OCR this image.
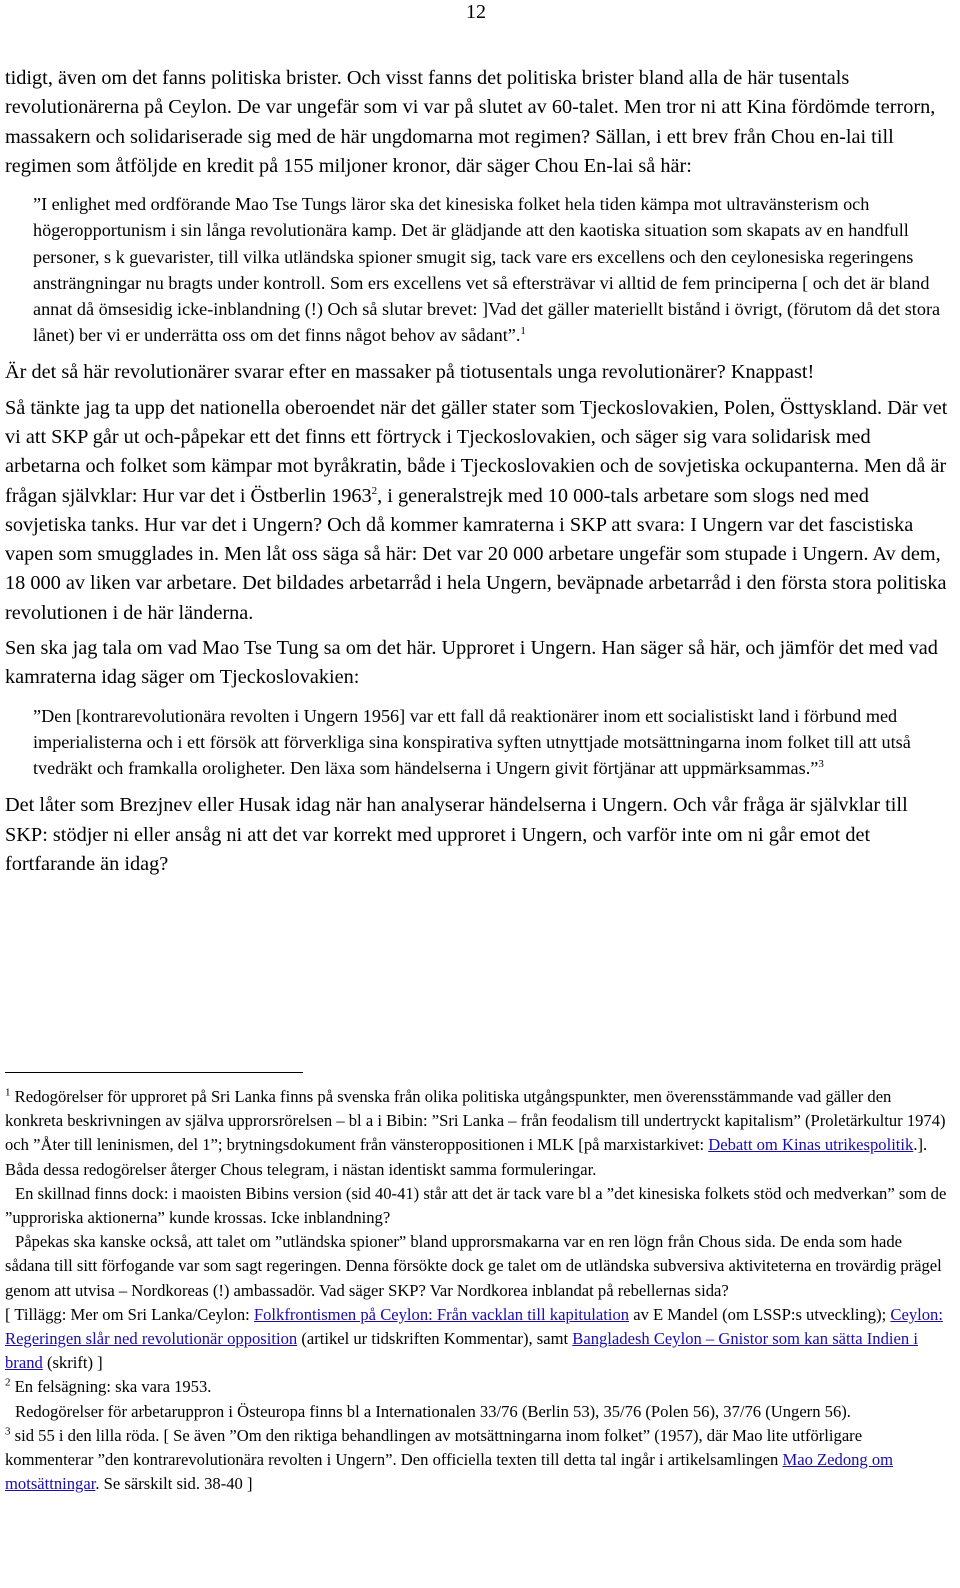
12

tidigt, även om det fanns politiska brister. Och visst fanns det politiska brister bland alla de här tusentals revolutionärerna på Ceylon. De var ungefär som vi var på slutet av 60-talet. Men tror ni att Kina fördömde terrorn, massakern och solidariserade sig med de här ungdomarna mot regimen? Sällan, i ett brev från Chou en-lai till regimen som åtföljde en kredit på 155 miljoner kronor, där säger Chou En-lai så här:

”I enlighet med ordförande Mao Tse Tungs läror ska det kinesiska folket hela tiden kämpa mot ultravänsterism och högeropportunism i sin långa revolutionära kamp. Det är glädjande att den kaotiska situation som skapats av en handfull personer, s k guevarister, till vilka utländska spioner smugit sig, tack vare ers excellens och den ceylonesiska regeringens ansträngningar nu bragts under kontroll. Som ers excellens vet så eftersträvar vi alltid de fem principerna [ och det är bland annat då ömsesidig icke-inblandning (!) Och så slutar brevet: ]Vad det gäller materiellt bistånd i övrigt, (förutom då det stora lånet) ber vi er underrätta oss om det finns något behov av sådant”.$^1$

Är det så här revolutionärer svarar efter en massaker på tiotusentals unga revolutionärer? Knappast!

Så tänkte jag ta upp det nationella oberoendet när det gäller stater som Tjeckoslovakien, Polen, Östtyskland. Där vet vi att SKP går ut och-påpekar ett det finns ett förtryck i Tjeckoslovakien, och säger sig vara solidarisk med arbetarna och folket som kämpar mot byråkratin, både i Tjeckoslovakien och de sovjetiska ockupanterna. Men då är frågan självklar: Hur var det i Östberlin 1963$^2$, i generalstrejk med 10 000-tals arbetare som slogs ned med sovjetiska tanks. Hur var det i Ungern? Och då kommer kamraterna i SKP att svara: I Ungern var det fascistiska vapen som smugglades in. Men låt oss säga så här: Det var 20 000 arbetare ungefär som stupade i Ungern. Av dem, 18 000 av liken var arbetare. Det bildades arbetarråd i hela Ungern, beväpnade arbetarråd i den första stora politiska revolutionen i de här länderna.

Sen ska jag tala om vad Mao Tse Tung sa om det här. Upproret i Ungern. Han säger så här, och jämför det med vad kamraterna idag säger om Tjeckoslovakien:

”Den [kontrarevolutionära revolten i Ungern 1956] var ett fall då reaktionärer inom ett socialistiskt land i förbund med imperialisterna och i ett försök att förverkliga sina konspirativa syften utnyttjade motsättningarna inom folket till att utså tvedräkt och framkalla oroligheter. Den läxa som händelserna i Ungern givit förtjänar att uppmärksammas.”$^3$

Det låter som Brezjnev eller Husak idag när han analyserar händelserna i Ungern. Och vår fråga är självklar till SKP: stödjer ni eller ansåg ni att det var korrekt med upproret i Ungern, och varför inte om ni går emot det fortfarande än idag?

$^1$ Redogörelser för upproret på Sri Lanka finns på svenska från olika politiska utgångspunkter, men överensstämmande vad gäller den konkreta beskrivningen av själva upprorsrörelsen – bl a i Bibin: ”Sri Lanka – från feodalism till undertryckt kapitalism” (Proletärkultur 1974) och ”Åter till leninismen, del 1”; brytningsdokument från vänsteroppositionen i MLK [på marxistarkivet: Debatt om Kinas utrikespolitik.]. Båda dessa redogörelser återger Chous telegram, i nästan identiskt samma formuleringar.

En skillnad finns dock: i maoisten Bibins version (sid 40-41) står att det är tack vare bl a ”det kinesiska folkets stöd och medverkan” som de ”upproriska aktionerna” kunde krossas. Icke inblandning?

Påpekas ska kanske också, att talet om ”utländska spioner” bland upprorsmakarna var en ren lögn från Chous sida. De enda som hade sådana till sitt förfogande var som sagt regeringen. Denna försökte dock ge talet om de utländska subversiva aktiviteterna en trovärdig prägel genom att utvisa – Nordkoreas (!) ambassadör. Vad säger SKP? Var Nordkorea inblandat på rebellernas sida?

[ Tillägg: Mer om Sri Lanka/Ceylon: Folkfrontismen på Ceylon: Från vacklan till kapitulation av E Mandel (om LSSP:s utveckling); Ceylon: Regeringen slår ned revolutionär opposition (artikel ur tidskriften Kommentar), samt Bangladesh Ceylon – Gnistor som kan sätta Indien i brand (skrift) ]

$^2$ En felsägning: ska vara 1953.

Redogörelser för arbetaruppron i Östeuropa finns bl a Internationalen 33/76 (Berlin 53), 35/76 (Polen 56), 37/76 (Ungern 56).

$^3$ sid 55 i den lilla röda. [ Se även ”Om den riktiga behandlingen av motsättningarna inom folket” (1957), där Mao lite utförligare kommenterar ”den kontrarevolutionära revolten i Ungern”. Den officiella texten till detta tal ingår i artikelsamlingen Mao Zedong om motsättningar. Se särskilt sid. 38-40 ]
